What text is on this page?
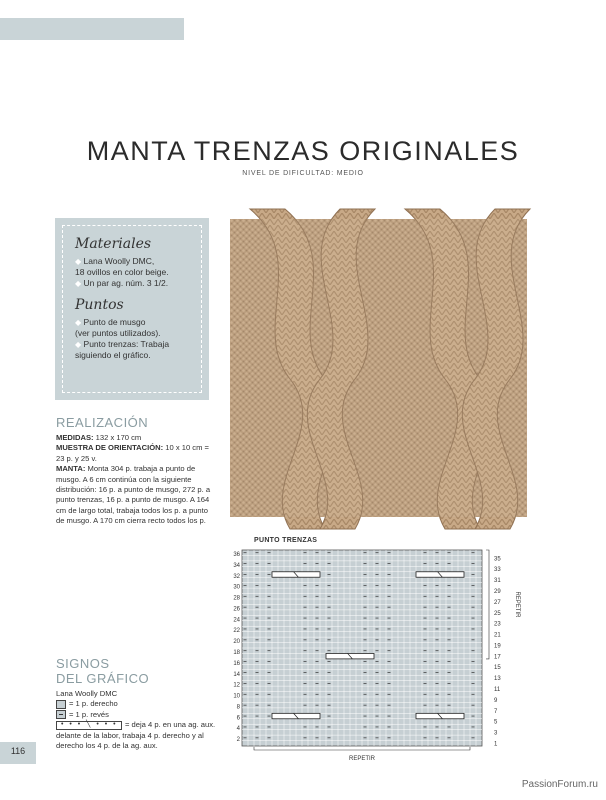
MANTA TRENZAS ORIGINALES
NIVEL DE DIFICULTAD: MEDIO

Materiales

◆ Lana Woolly DMC,
18 ovillos en color beige.
◆ Un par ag. núm. 3 1/2.

Puntos

◆ Punto de musgo
(ver puntos utilizados).
◆ Punto trenzas: Trabaja
siguiendo el gráfico.
REALIZACIÓN
MEDIDAS: 132 x 170 cm
MUESTRA DE ORIENTACIÓN: 10 x 10 cm = 23 p. y 25 v.
MANTA: Monta 304 p. trabaja a punto de musgo. A 6 cm continúa con la siguiente distribución: 16 p. a punto de musgo, 272 p. a punto trenzas, 16 p. a punto de musgo. A 164 cm de largo total, trabaja todos los p. a punto de musgo. A 170 cm cierra recto todos los p.
SIGNOS
DEL GRÁFICO
Lana Woolly DMC
= 1 p. derecho
= 1 p. revés
• • • ╲ • • • = deja 4 p. en una ag. aux. delante de la labor, trabaja 4 p. derecho y al derecho los 4 p. de la ag. aux.
PUNTO TRENZAS
36
34
32
30
28
26
24
22
20
18
16
14
12
10
8
6
4
2
35
33
31
29
27
25
23
21
19
17
15
13
11
9
7
5
3
1
REPETIR
REPETIR
116
PassionForum.ru
